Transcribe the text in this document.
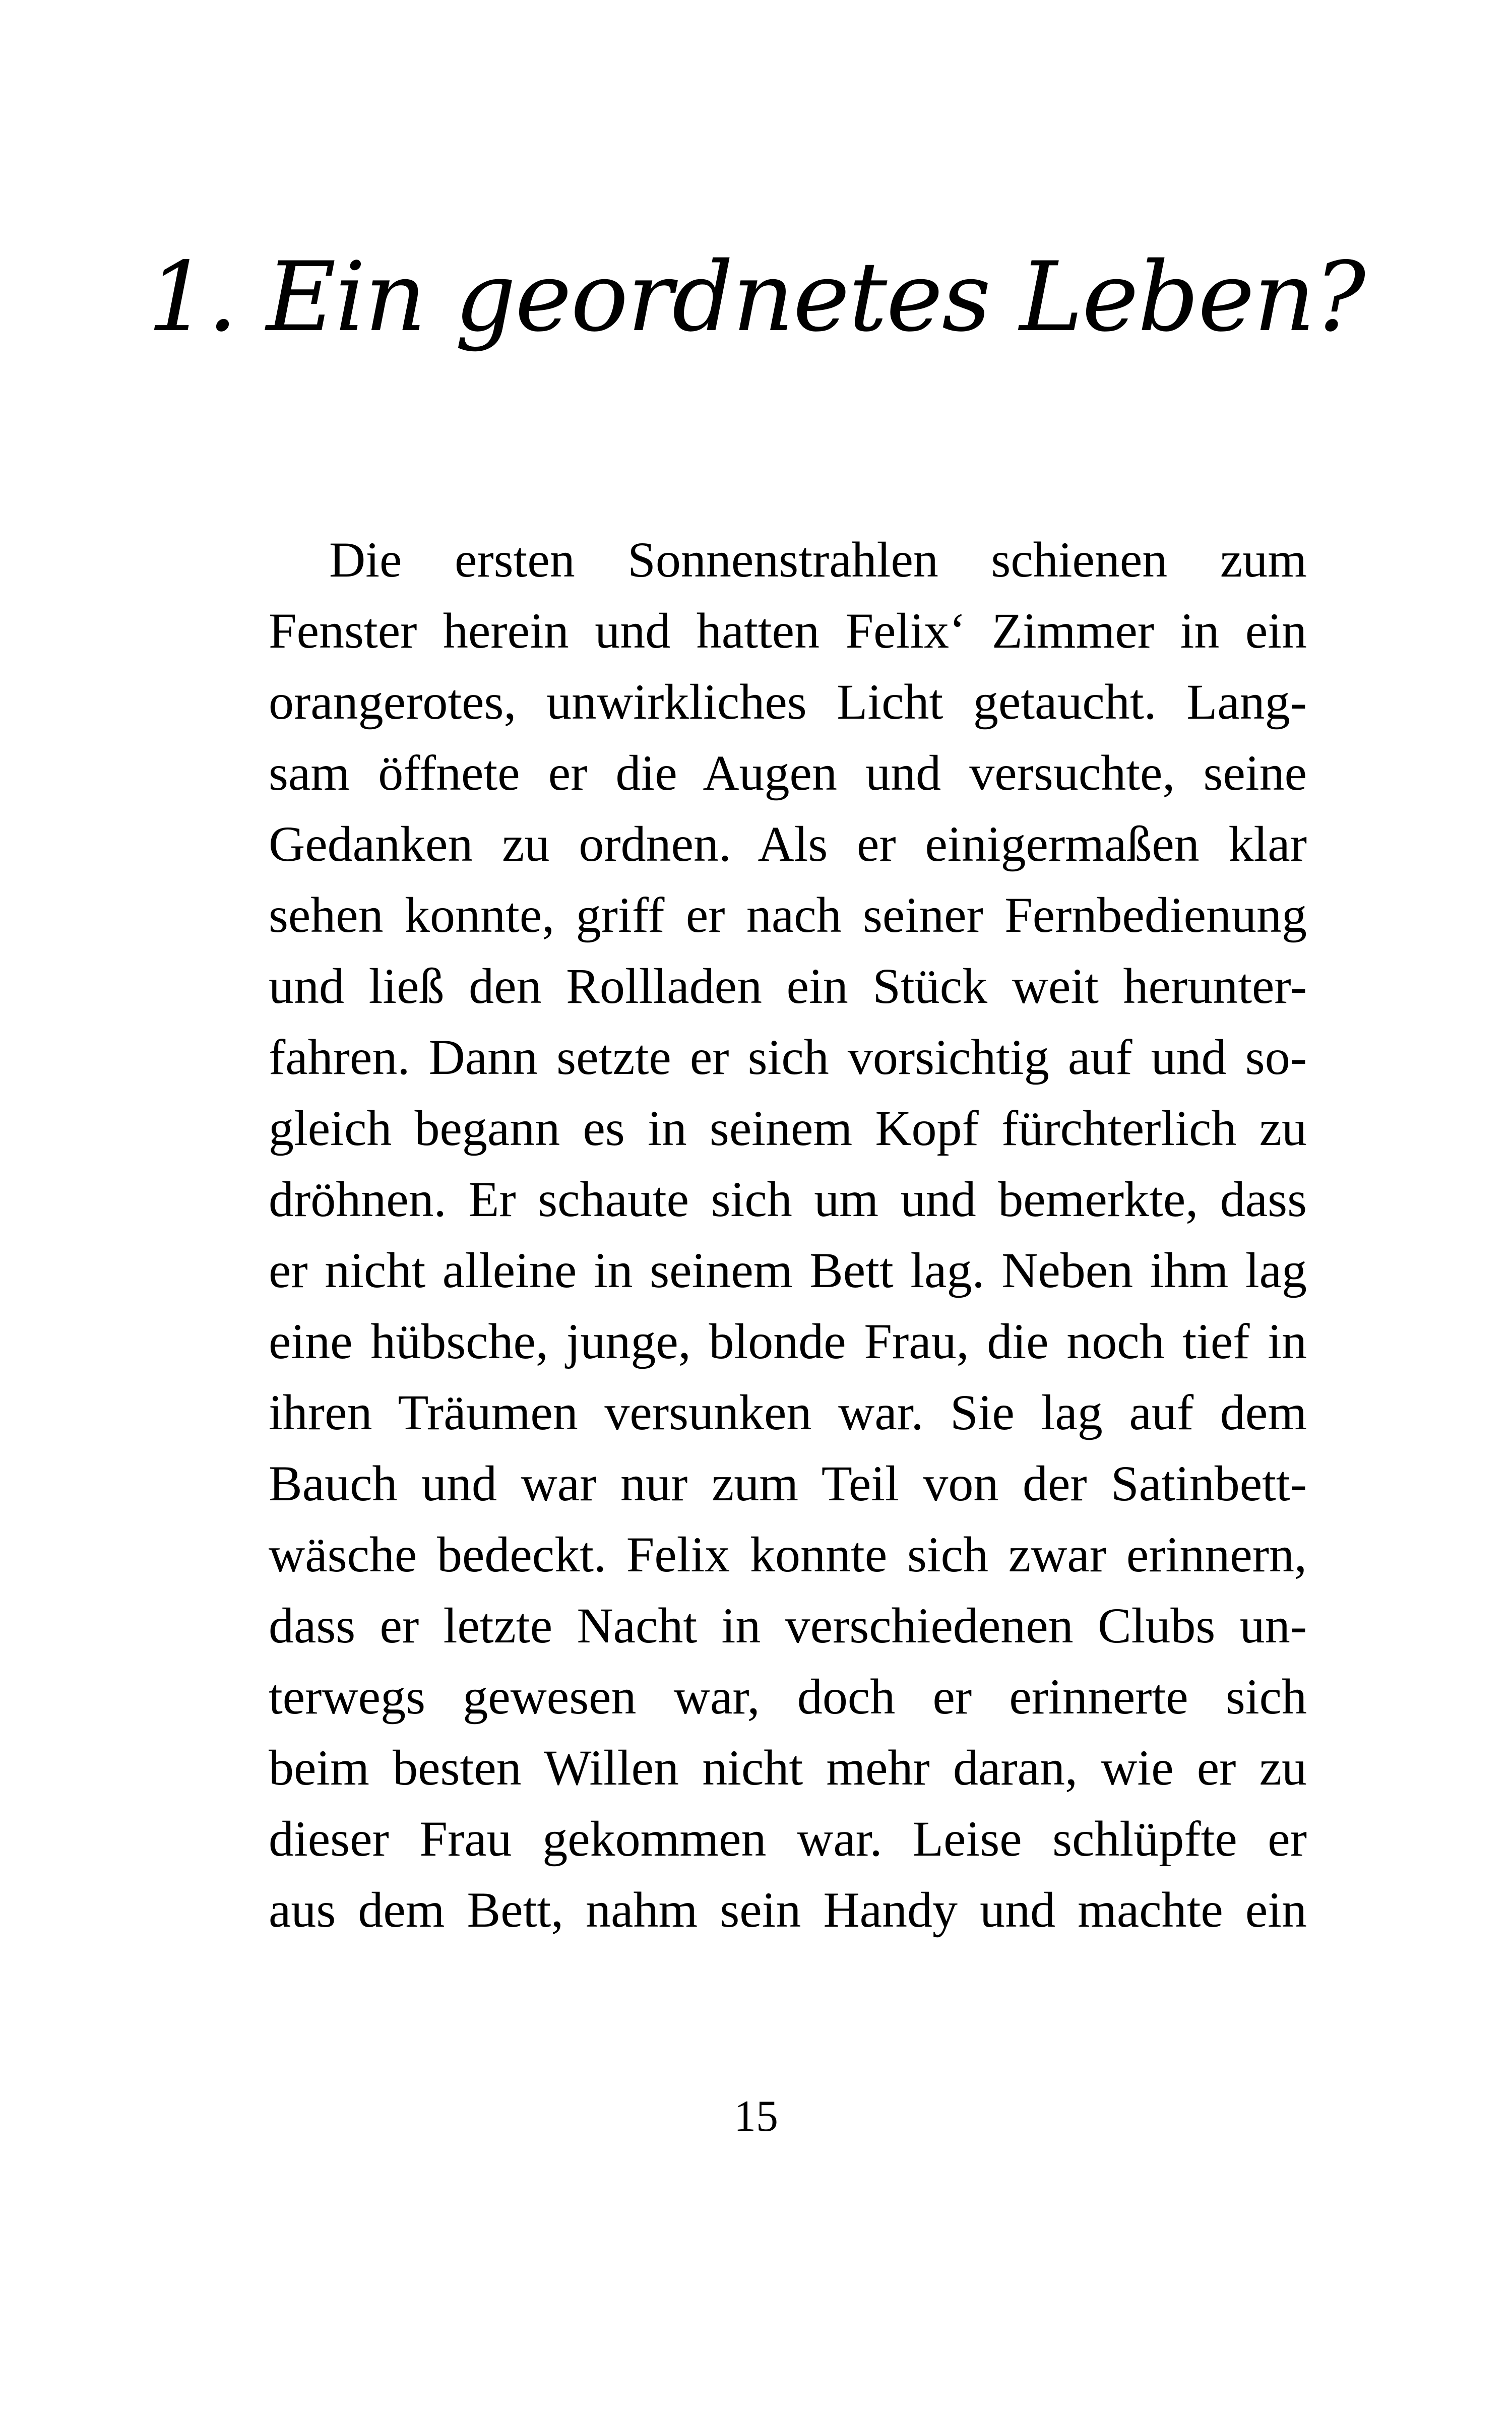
1. Ein geordnetes Leben?
Die ersten Sonnenstrahlen schienen zum
Fenster herein und hatten Felix‘ Zimmer in ein
orangerotes, unwirkliches Licht getaucht. Lang-
sam öffnete er die Augen und versuchte, seine
Gedanken zu ordnen. Als er einigermaßen klar
sehen konnte, griff er nach seiner Fernbedienung
und ließ den Rollladen ein Stück weit herunter-
fahren. Dann setzte er sich vorsichtig auf und so-
gleich begann es in seinem Kopf fürchterlich zu
dröhnen. Er schaute sich um und bemerkte, dass
er nicht alleine in seinem Bett lag. Neben ihm lag
eine hübsche, junge, blonde Frau, die noch tief in
ihren Träumen versunken war. Sie lag auf dem
Bauch und war nur zum Teil von der Satinbett-
wäsche bedeckt. Felix konnte sich zwar erinnern,
dass er letzte Nacht in verschiedenen Clubs un-
terwegs gewesen war, doch er erinnerte sich
beim besten Willen nicht mehr daran, wie er zu
dieser Frau gekommen war. Leise schlüpfte er
aus dem Bett, nahm sein Handy und machte ein
15
